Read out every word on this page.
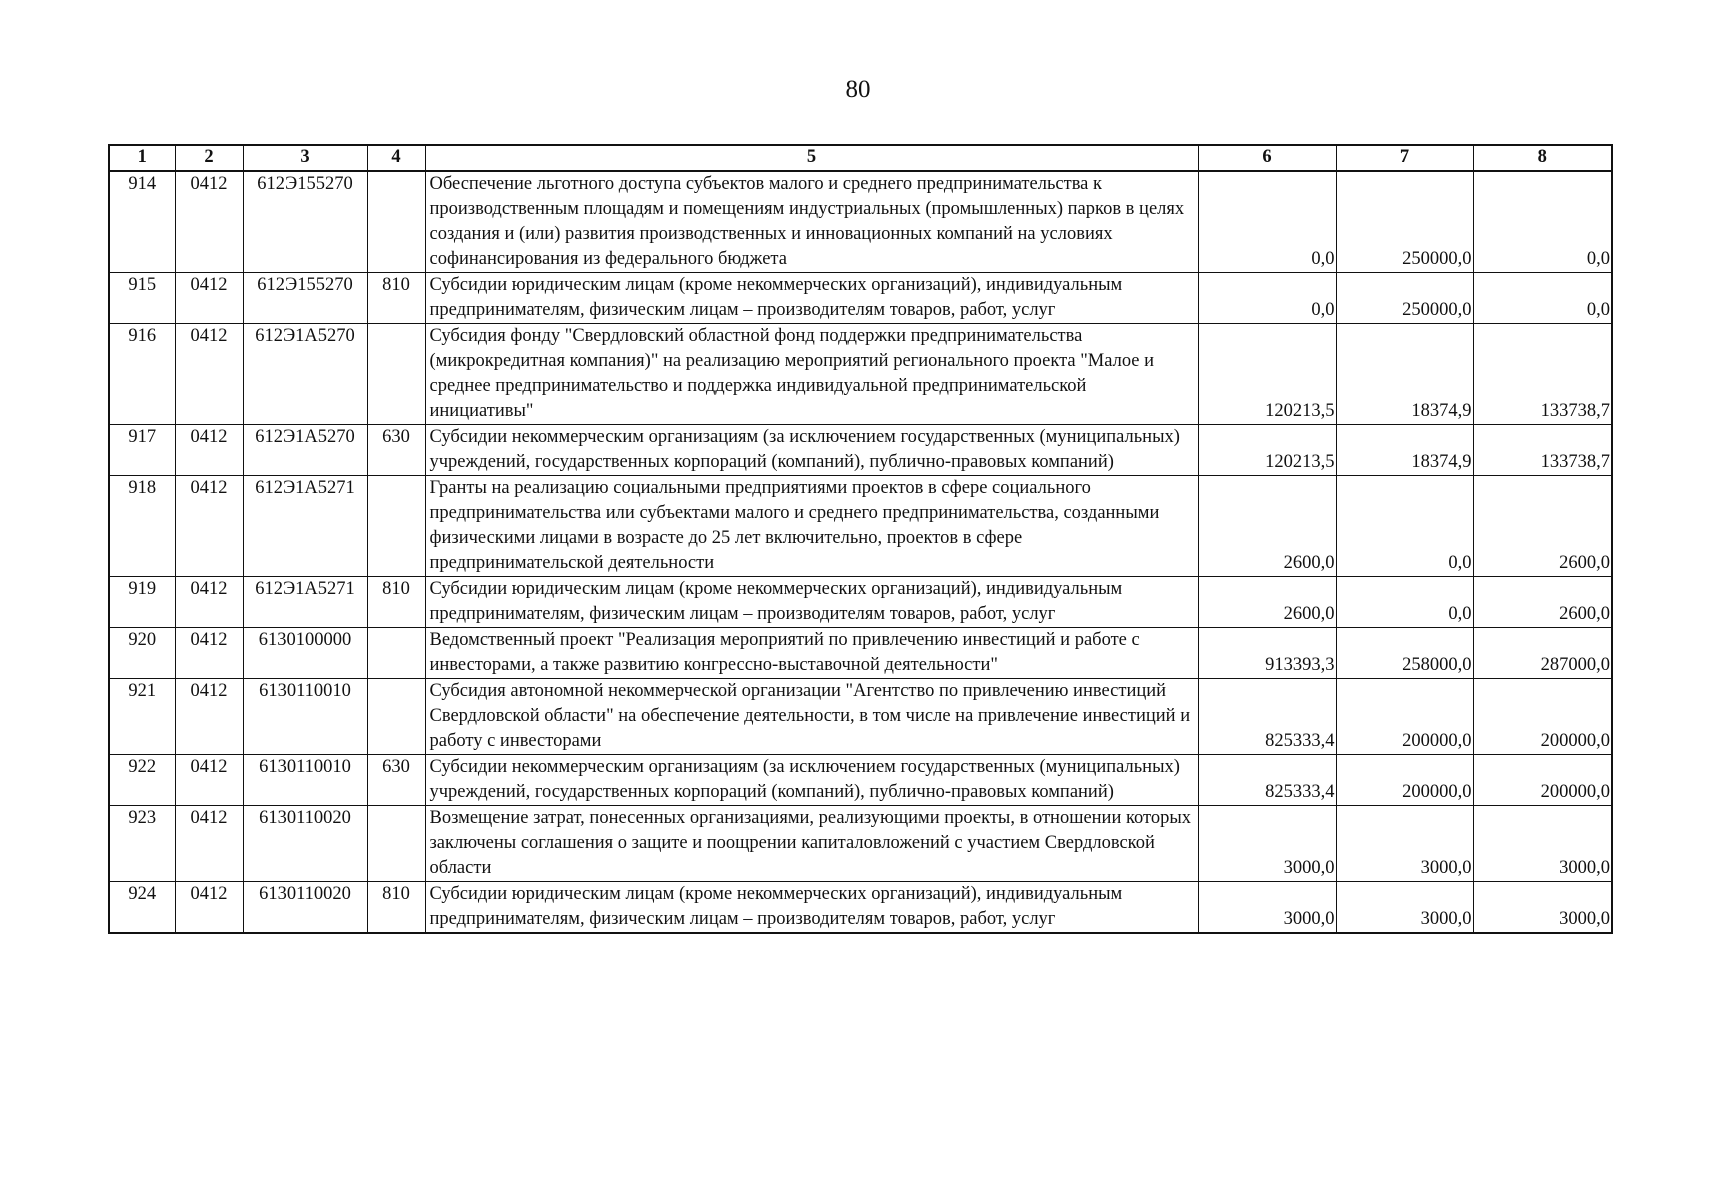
80
1	2	3	4	5	6	7	8
914	0412	612Э155270		Обеспечение льготного доступа субъектов малого и среднего предпринимательства к производственным площадям и помещениям индустриальных (промышленных) парков в целях создания и (или) развития производственных и инновационных компаний на условиях софинансирования из федерального бюджета	0,0	250000,0	0,0
915	0412	612Э155270	810	Субсидии юридическим лицам (кроме некоммерческих организаций), индивидуальным предпринимателям, физическим лицам – производителям товаров, работ, услуг	0,0	250000,0	0,0
916	0412	612Э1А5270		Субсидия фонду "Свердловский областной фонд поддержки предпринимательства (микрокредитная компания)" на реализацию мероприятий регионального проекта "Малое и среднее предпринимательство и поддержка индивидуальной предпринимательской инициативы"	120213,5	18374,9	133738,7
917	0412	612Э1А5270	630	Субсидии некоммерческим организациям (за исключением государственных (муниципальных) учреждений, государственных корпораций (компаний), публично-правовых компаний)	120213,5	18374,9	133738,7
918	0412	612Э1А5271		Гранты на реализацию социальными предприятиями проектов в сфере социального предпринимательства или субъектами малого и среднего предпринимательства, созданными физическими лицами в возрасте до 25 лет включительно, проектов в сфере предпринимательской деятельности	2600,0	0,0	2600,0
919	0412	612Э1А5271	810	Субсидии юридическим лицам (кроме некоммерческих организаций), индивидуальным предпринимателям, физическим лицам – производителям товаров, работ, услуг	2600,0	0,0	2600,0
920	0412	6130100000		Ведомственный проект "Реализация мероприятий по привлечению инвестиций и работе с инвесторами, а также развитию конгрессно-выставочной деятельности"	913393,3	258000,0	287000,0
921	0412	6130110010		Субсидия автономной некоммерческой организации "Агентство по привлечению инвестиций Свердловской области" на обеспечение деятельности, в том числе на привлечение инвестиций и работу с инвесторами	825333,4	200000,0	200000,0
922	0412	6130110010	630	Субсидии некоммерческим организациям (за исключением государственных (муниципальных) учреждений, государственных корпораций (компаний), публично-правовых компаний)	825333,4	200000,0	200000,0
923	0412	6130110020		Возмещение затрат, понесенных организациями, реализующими проекты, в отношении которых заключены соглашения о защите и поощрении капиталовложений с участием Свердловской области	3000,0	3000,0	3000,0
924	0412	6130110020	810	Субсидии юридическим лицам (кроме некоммерческих организаций), индивидуальным предпринимателям, физическим лицам – производителям товаров, работ, услуг	3000,0	3000,0	3000,0
